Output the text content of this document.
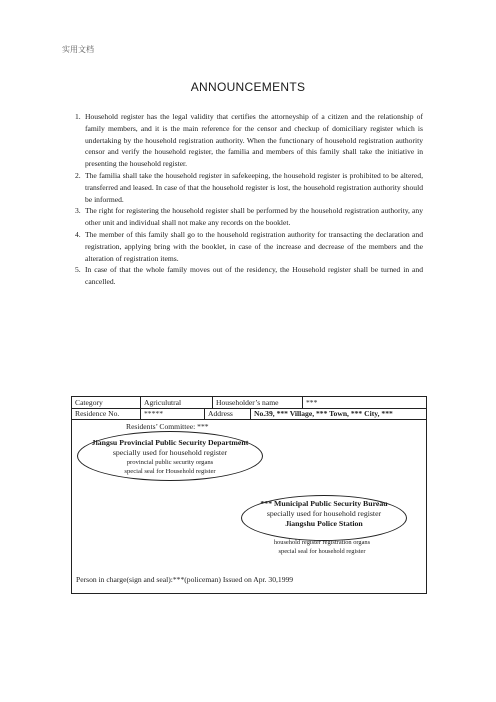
实用文档
ANNOUNCEMENTS
1. Household register has the legal validity that certifies the attorneyship of a citizen and the relationship of family members, and it is the main reference for the censor and checkup of domiciliary register which is undertaking by the household registration authority. When the functionary of household registration authority censor and verify the household register, the familia and members of this family shall take the initiative in presenting the household register.
2. The familia shall take the household register in safekeeping, the household register is prohibited to be altered, transferred and leased. In case of that the household register is lost, the household registration authority should be informed.
3. The right for registering the household register shall be performed by the household registration authority, any other unit and individual shall not make any records on the booklet.
4. The member of this family shall go to the household registration authority for transacting the declaration and registration, applying bring with the booklet, in case of the increase and decrease of the members and the alteration of registration items.
5. In case of that the whole family moves out of the residency, the Household register shall be turned in and cancelled.
Category	Agriculutral	Householder’s name	***
Residence No.	*****	Address	No.39, *** Village, *** Town, *** City, ***
Residents’ Committee: ***
Jiangsu Provincial Public Security Department
specially used for household register
provincial public security organs
special seal for Household register
*** Municipal Public Security Bureau
specially used for household register
Jiangshu Police Station
household register registration organs
special seal for household register
Person in charge(sign and seal):***(policeman) Issued on Apr. 30,1999
